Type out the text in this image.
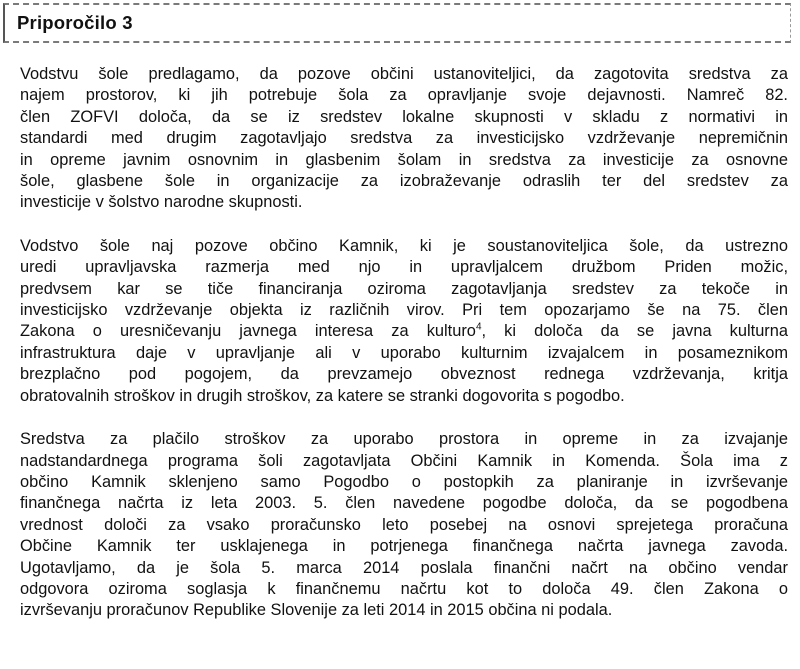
Priporočilo 3
Vodstvu šole predlagamo, da pozove občini ustanoviteljici, da zagotovita sredstva za
najem prostorov, ki jih potrebuje šola za opravljanje svoje dejavnosti. Namreč 82.
člen ZOFVI določa, da se iz sredstev lokalne skupnosti v skladu z normativi in
standardi med drugim zagotavljajo sredstva za investicijsko vzdrževanje nepremičnin
in opreme javnim osnovnim in glasbenim šolam in sredstva za investicije za osnovne
šole, glasbene šole in organizacije za izobraževanje odraslih ter del sredstev za
investicije v šolstvo narodne skupnosti.
Vodstvo šole naj pozove občino Kamnik, ki je soustanoviteljica šole, da ustrezno
uredi upravljavska razmerja med njo in upravljalcem družbom Priden možic,
predvsem kar se tiče financiranja oziroma zagotavljanja sredstev za tekoče in
investicijsko vzdrževanje objekta iz različnih virov. Pri tem opozarjamo še na 75. člen
Zakona o uresničevanju javnega interesa za kulturo$^4$, ki določa da se javna kulturna
infrastruktura daje v upravljanje ali v uporabo kulturnim izvajalcem in posameznikom
brezplačno pod pogojem, da prevzamejo obveznost rednega vzdrževanja, kritja
obratovalnih stroškov in drugih stroškov, za katere se stranki dogovorita s pogodbo.
Sredstva za plačilo stroškov za uporabo prostora in opreme in za izvajanje
nadstandardnega programa šoli zagotavljata Občini Kamnik in Komenda. Šola ima z
občino Kamnik sklenjeno samo Pogodbo o postopkih za planiranje in izvrševanje
finančnega načrta iz leta 2003. 5. člen navedene pogodbe določa, da se pogodbena
vrednost določi za vsako proračunsko leto posebej na osnovi sprejetega proračuna
Občine Kamnik ter usklajenega in potrjenega finančnega načrta javnega zavoda.
Ugotavljamo, da je šola 5. marca 2014 poslala finančni načrt na občino vendar
odgovora oziroma soglasja k finančnemu načrtu kot to določa 49. člen Zakona o
izvrševanju proračunov Republike Slovenije za leti 2014 in 2015 občina ni podala.
